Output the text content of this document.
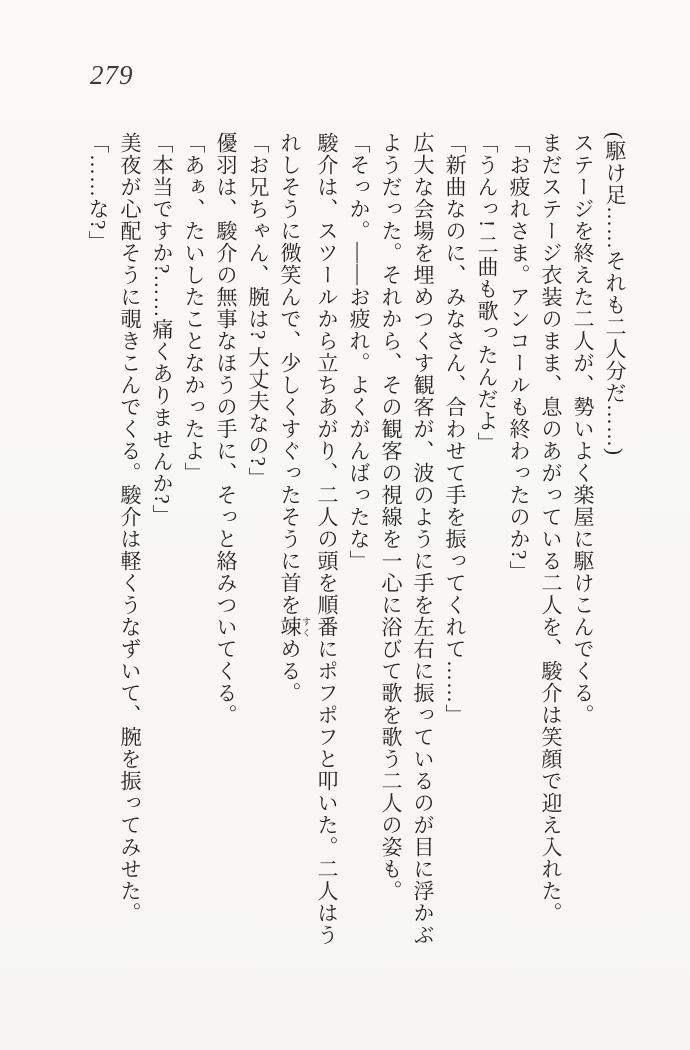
279

(駆け足……それも二人分だ……)

ステージを終えた二人が、勢いよく楽屋に駆けこんでくる。

まだステージ衣装のまま、息のあがっている二人を、駿介は笑顔で迎え入れた。

「お疲れさま。アンコールも終わったのか?」

「うんっ! 二曲も歌ったんだよ」

「新曲なのに、みなさん、合わせて手を振ってくれて……」

広大な会場を埋めつくす観客が、波のように手を左右に振っているのが目に浮かぶ

ようだった。それから、その観客の視線を一心に浴びて歌を歌う二人の姿も。

「そっか。――お疲れ。よくがんばったな」

駿介は、スツールから立ちあがり、二人の頭を順番にポフポフと叩いた。二人はう

れしそうに微笑んで、少しくすぐったそうに首を竦 すくめる。

「お兄ちゃん、腕は? 大丈夫なの?」

優羽は、駿介の無事なほうの手に、そっと絡みついてくる。

「あぁ、たいしたことなかったよ」

「本当ですか?……痛くありませんか?」

美夜が心配そうに覗きこんでくる。駿介は軽くうなずいて、腕を振ってみせた。

「……な?」
